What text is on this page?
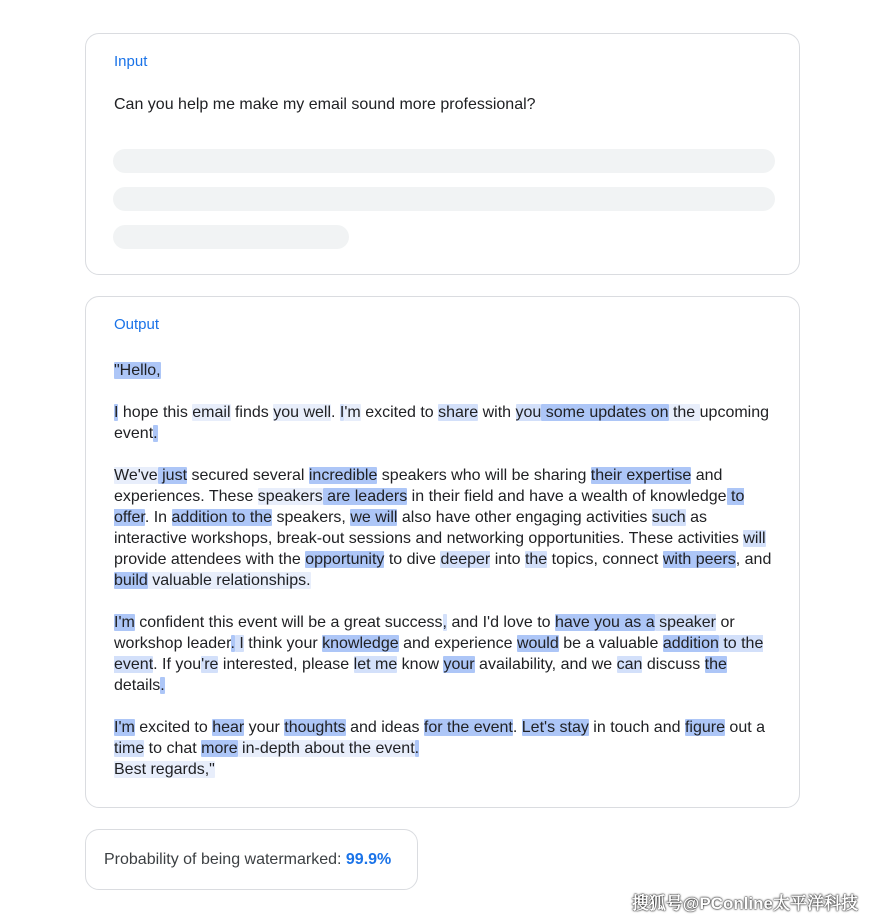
Input
Can you help me make my email sound more professional?
Output

"Hello,

I hope this email finds you well. I'm excited to share with you some updates on the upcoming event.

We've just secured several incredible speakers who will be sharing their expertise and experiences. These speakers are leaders in their field and have a wealth of knowledge to offer. In addition to the speakers, we will also have other engaging activities such as interactive workshops, break-out sessions and networking opportunities. These activities will provide attendees with the opportunity to dive deeper into the topics, connect with peers, and build valuable relationships.

I'm confident this event will be a great success, and I'd love to have you as a speaker or workshop leader. I think your knowledge and experience would be a valuable addition to the event. If you're interested, please let me know your availability, and we can discuss the details.

I'm excited to hear your thoughts and ideas for the event. Let's stay in touch and figure out a time to chat more in-depth about the event.
Best regards,"

Probability of being watermarked: 99.9%
搜狐号@PConline太平洋科技
